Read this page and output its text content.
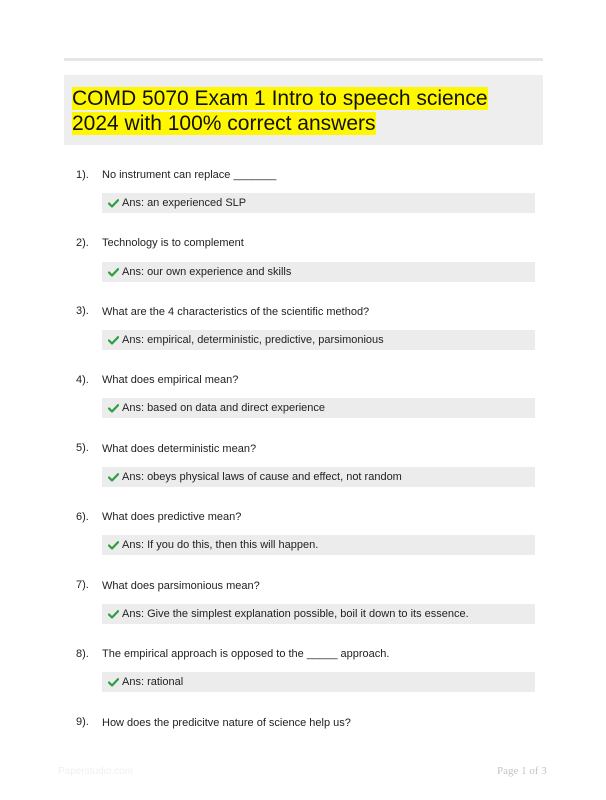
COMD 5070 Exam 1 Intro to speech science 2024 with 100% correct answers
1). No instrument can replace _______
Ans: an experienced SLP
2). Technology is to complement
Ans: our own experience and skills
3). What are the 4 characteristics of the scientific method?
Ans: empirical, deterministic, predictive, parsimonious
4). What does empirical mean?
Ans: based on data and direct experience
5). What does deterministic mean?
Ans: obeys physical laws of cause and effect, not random
6). What does predictive mean?
Ans: If you do this, then this will happen.
7). What does parsimonious mean?
Ans: Give the simplest explanation possible, boil it down to its essence.
8). The empirical approach is opposed to the _____ approach.
Ans: rational
9). How does the predicitve nature of science help us?
Paperstudio.com	Page 1 of 3
